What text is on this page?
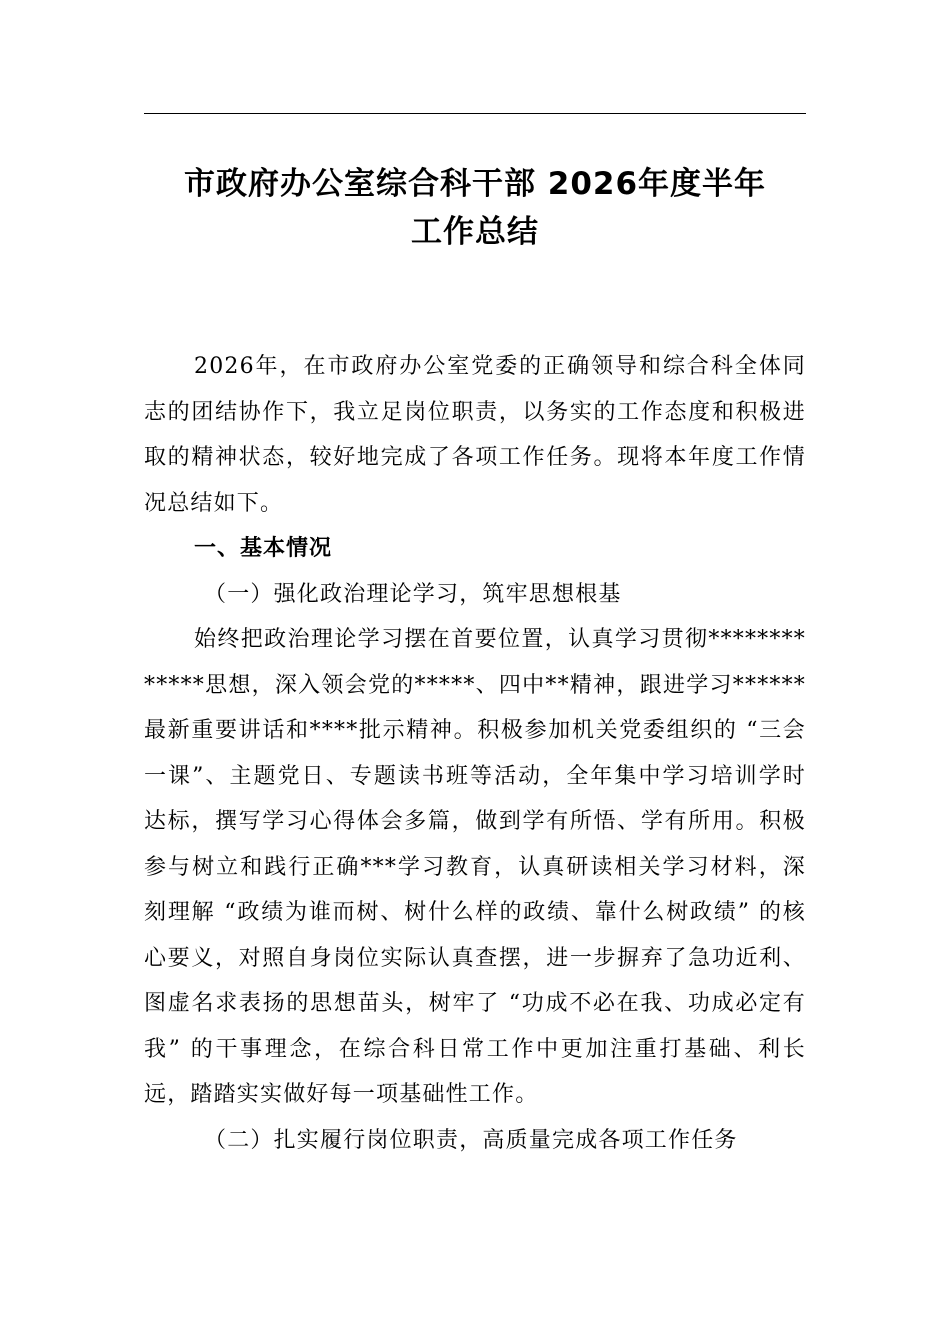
市政府办公室综合科干部 2026年度半年
工作总结

2026年，在市政府办公室党委的正确领导和综合科全体同志的团结协作下，我立足岗位职责，以务实的工作态度和积极进取的精神状态，较好地完成了各项工作任务。现将本年度工作情况总结如下。

一、基本情况

（一）强化政治理论学习，筑牢思想根基

始终把政治理论学习摆在首要位置，认真学习贯彻*************思想，深入领会党的*****、四中**精神，跟进学习******最新重要讲话和****批示精神。积极参加机关党委组织的 “三会一课”、主题党日、专题读书班等活动，全年集中学习培训学时达标，撰写学习心得体会多篇，做到学有所悟、学有所用。积极参与树立和践行正确***学习教育，认真研读相关学习材料，深刻理解 “政绩为谁而树、树什么样的政绩、靠什么树政绩” 的核心要义，对照自身岗位实际认真查摆，进一步摒弃了急功近利、图虚名求表扬的思想苗头，树牢了 “功成不必在我、功成必定有我” 的干事理念，在综合科日常工作中更加注重打基础、利长远，踏踏实实做好每一项基础性工作。

（二）扎实履行岗位职责，高质量完成各项工作任务
